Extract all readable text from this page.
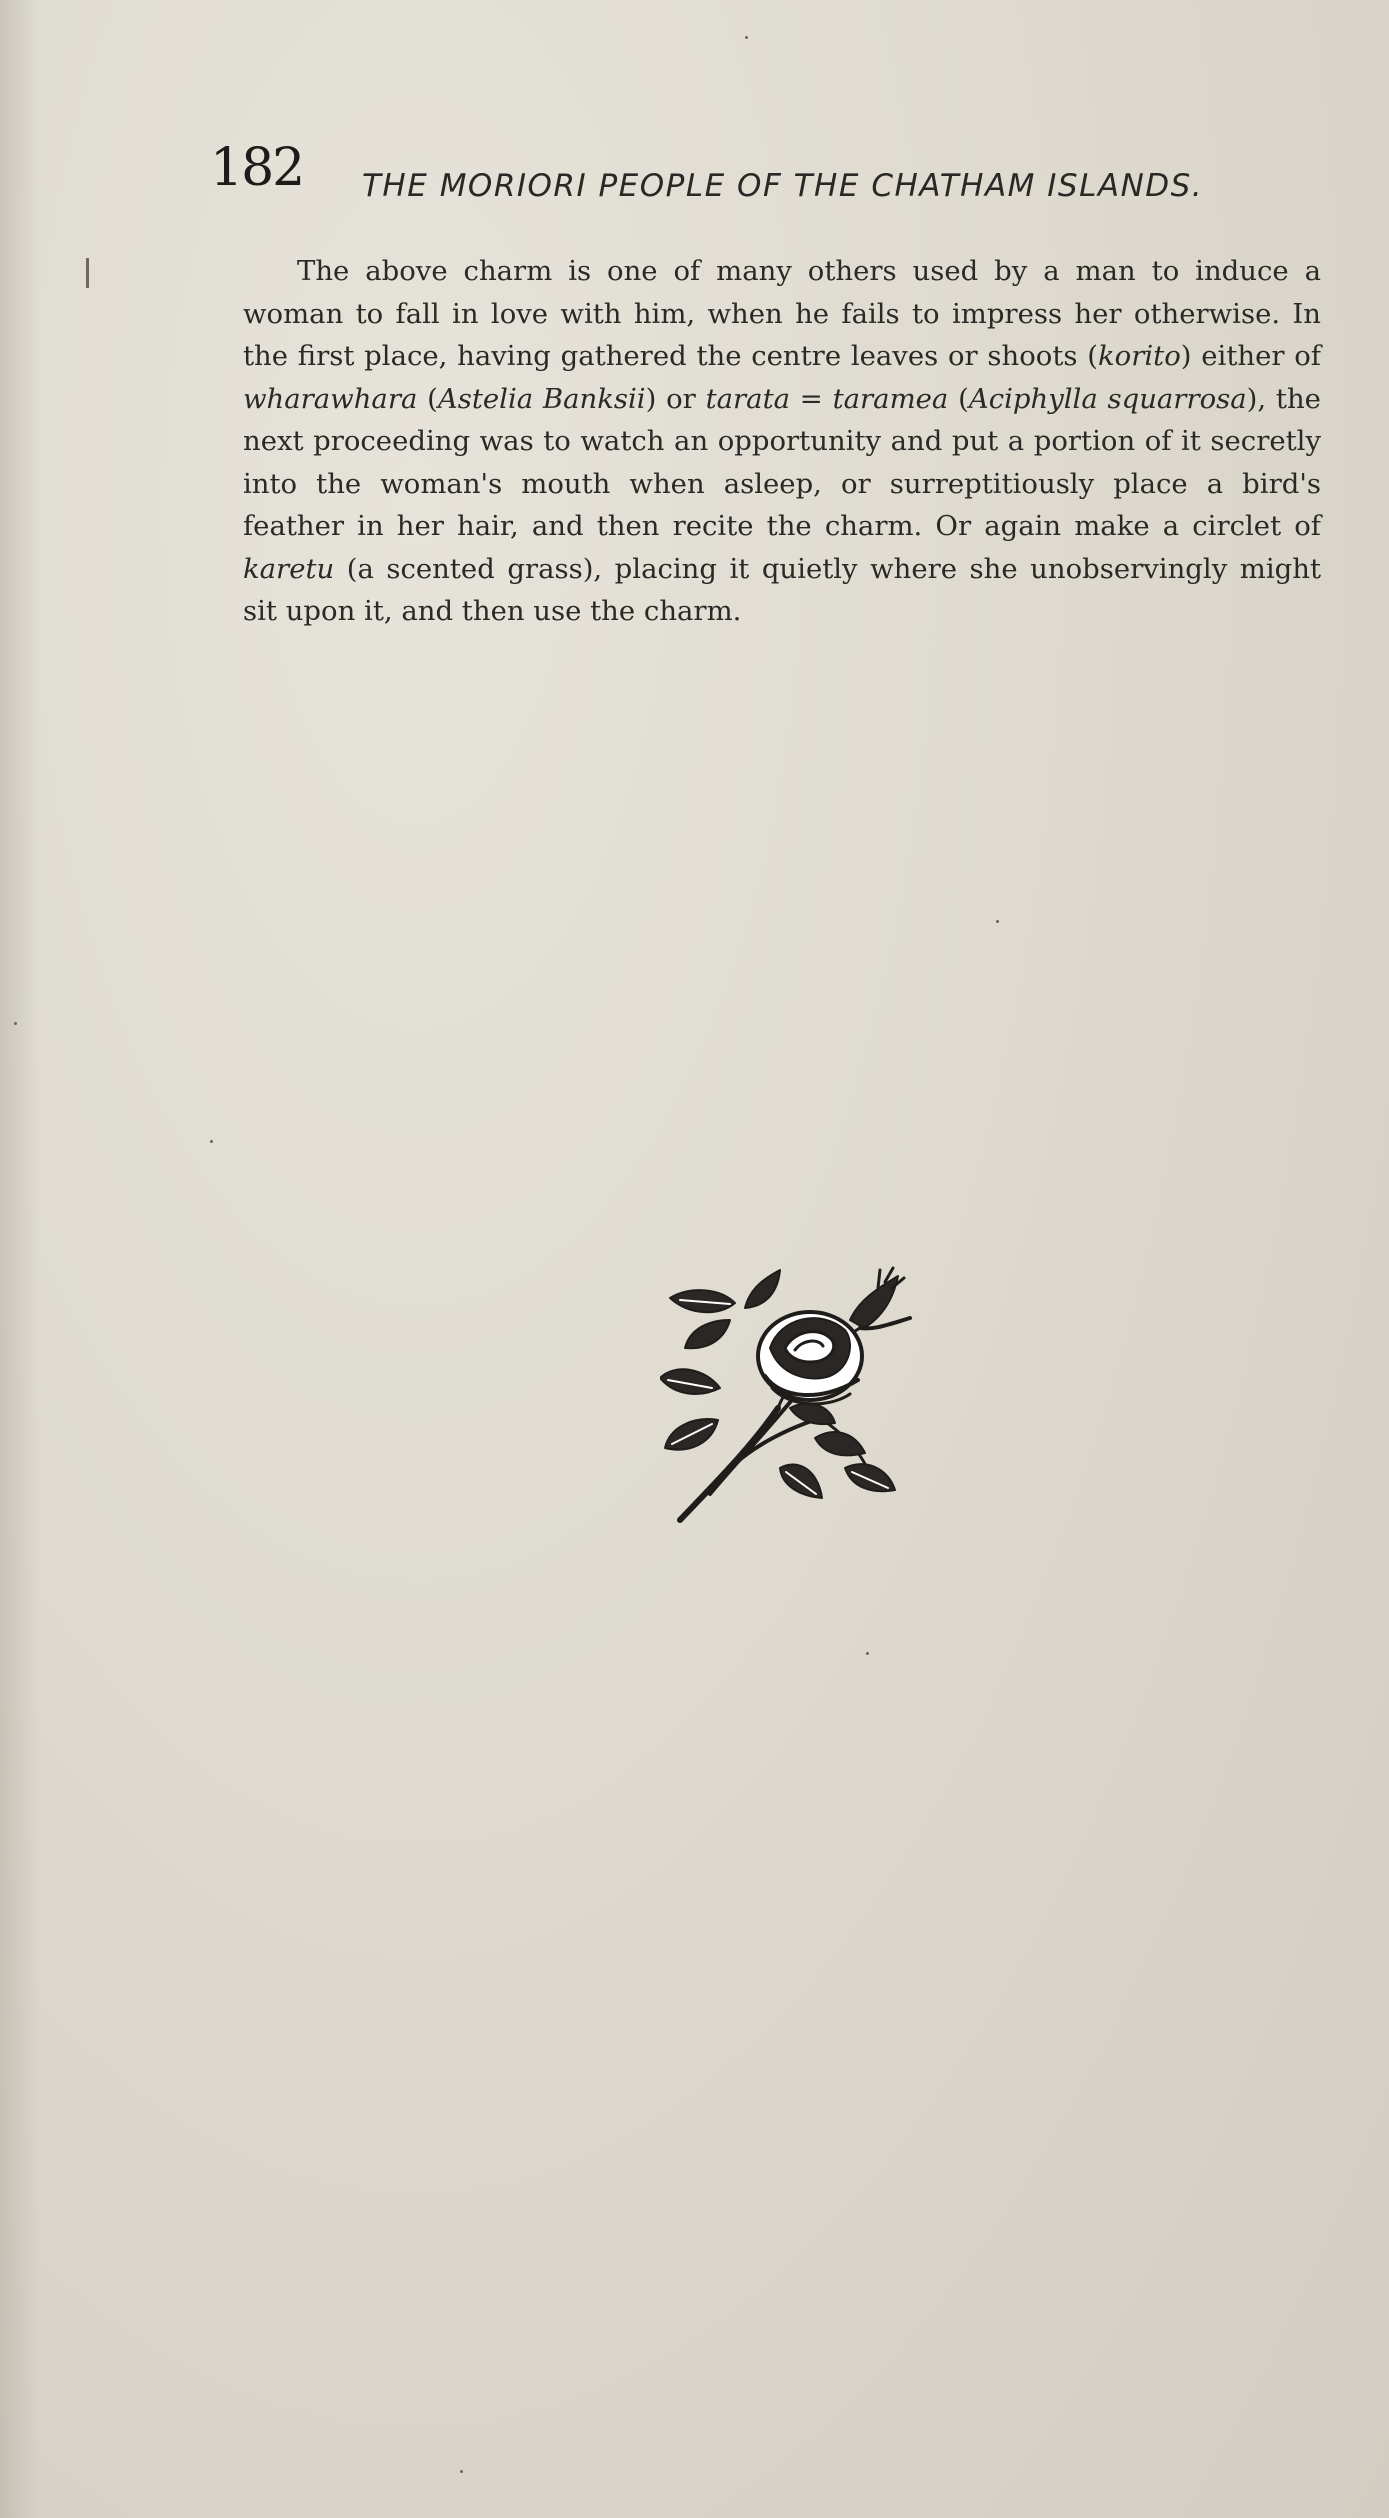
182 THE MORIORI PEOPLE OF THE CHATHAM ISLANDS.

The above charm is one of many others used by a man to induce a woman to fall in love with him, when he fails to impress her otherwise. In the first place, having gathered the centre leaves or shoots (korito) either of wharawhara (Astelia Banksii) or tarata = taramea (Aciphylla squarrosa), the next proceeding was to watch an opportunity and put a portion of it secretly into the woman's mouth when asleep, or surreptitiously place a bird's feather in her hair, and then recite the charm. Or again make a circlet of karetu (a scented grass), placing it quietly where she unobservingly might sit upon it, and then use the charm.
